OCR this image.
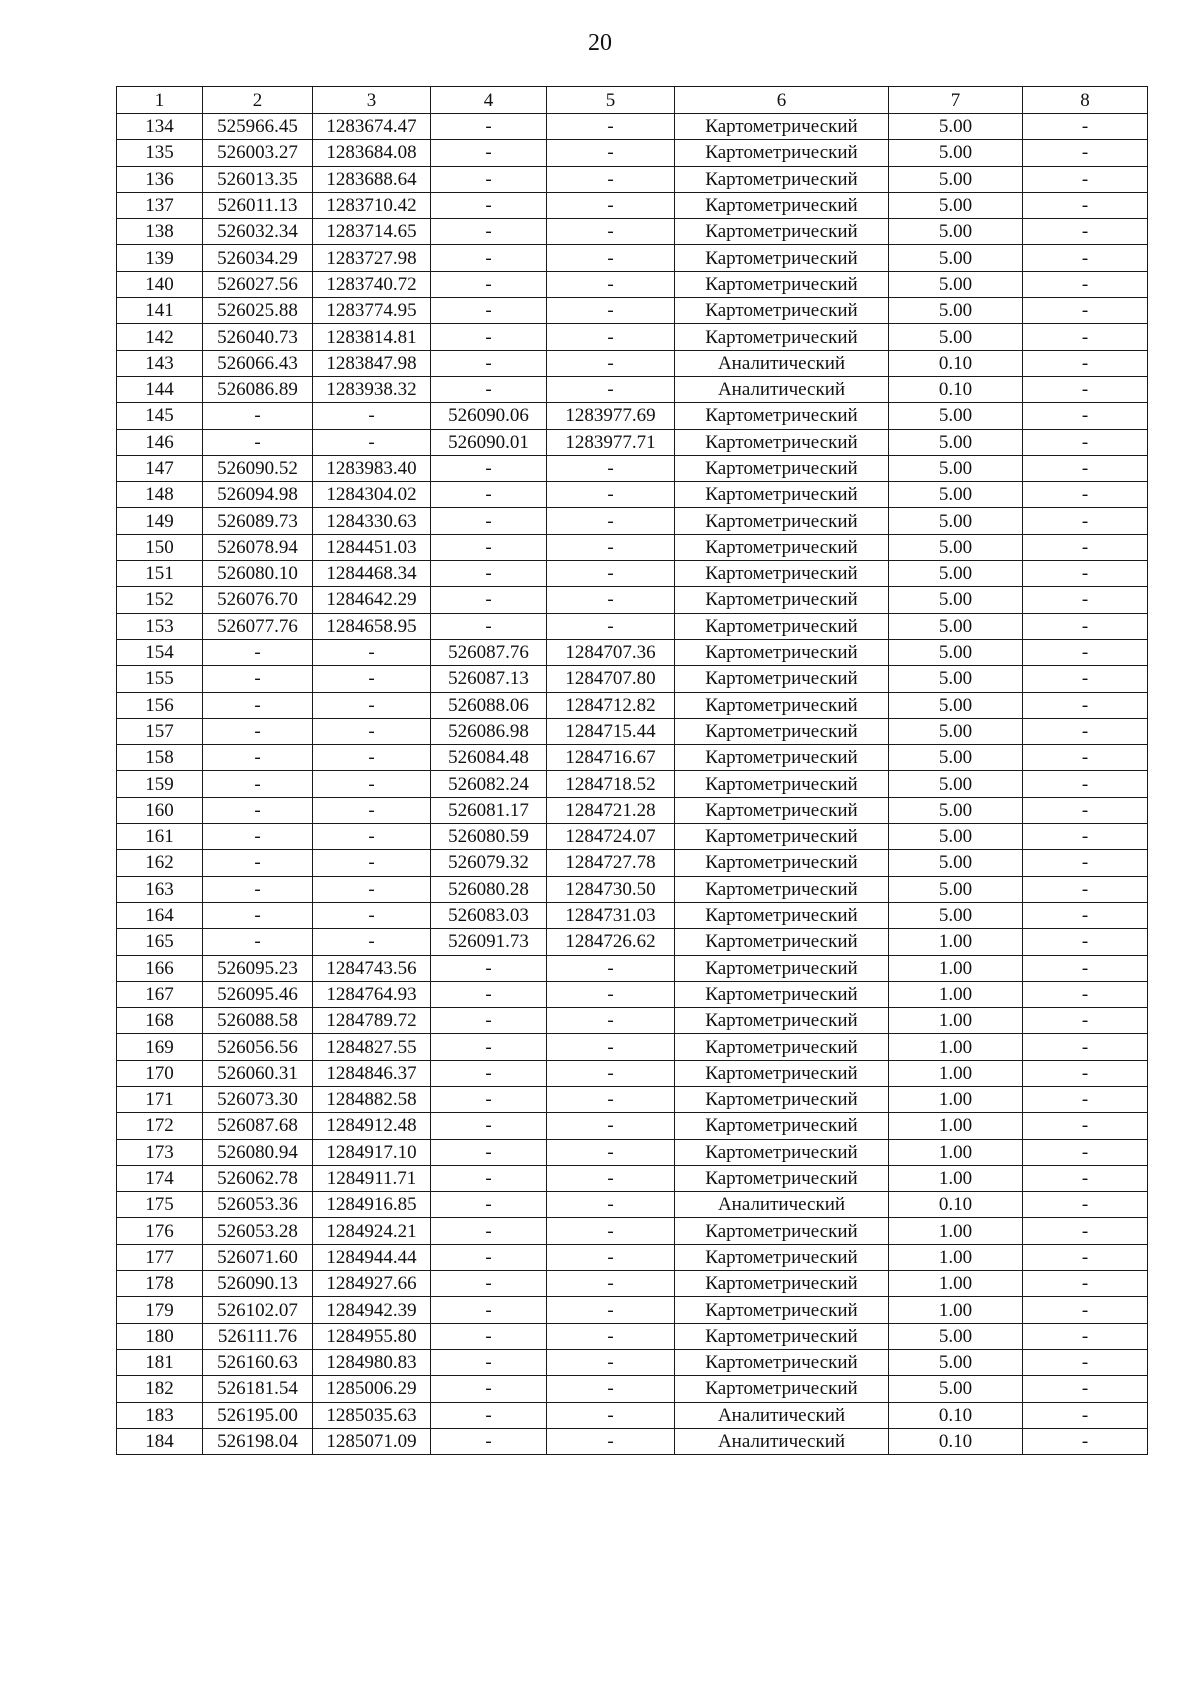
20
1	2	3	4	5	6	7	8
134	525966.45	1283674.47	-	-	Картометрический	5.00	-
135	526003.27	1283684.08	-	-	Картометрический	5.00	-
136	526013.35	1283688.64	-	-	Картометрический	5.00	-
137	526011.13	1283710.42	-	-	Картометрический	5.00	-
138	526032.34	1283714.65	-	-	Картометрический	5.00	-
139	526034.29	1283727.98	-	-	Картометрический	5.00	-
140	526027.56	1283740.72	-	-	Картометрический	5.00	-
141	526025.88	1283774.95	-	-	Картометрический	5.00	-
142	526040.73	1283814.81	-	-	Картометрический	5.00	-
143	526066.43	1283847.98	-	-	Аналитический	0.10	-
144	526086.89	1283938.32	-	-	Аналитический	0.10	-
145	-	-	526090.06	1283977.69	Картометрический	5.00	-
146	-	-	526090.01	1283977.71	Картометрический	5.00	-
147	526090.52	1283983.40	-	-	Картометрический	5.00	-
148	526094.98	1284304.02	-	-	Картометрический	5.00	-
149	526089.73	1284330.63	-	-	Картометрический	5.00	-
150	526078.94	1284451.03	-	-	Картометрический	5.00	-
151	526080.10	1284468.34	-	-	Картометрический	5.00	-
152	526076.70	1284642.29	-	-	Картометрический	5.00	-
153	526077.76	1284658.95	-	-	Картометрический	5.00	-
154	-	-	526087.76	1284707.36	Картометрический	5.00	-
155	-	-	526087.13	1284707.80	Картометрический	5.00	-
156	-	-	526088.06	1284712.82	Картометрический	5.00	-
157	-	-	526086.98	1284715.44	Картометрический	5.00	-
158	-	-	526084.48	1284716.67	Картометрический	5.00	-
159	-	-	526082.24	1284718.52	Картометрический	5.00	-
160	-	-	526081.17	1284721.28	Картометрический	5.00	-
161	-	-	526080.59	1284724.07	Картометрический	5.00	-
162	-	-	526079.32	1284727.78	Картометрический	5.00	-
163	-	-	526080.28	1284730.50	Картометрический	5.00	-
164	-	-	526083.03	1284731.03	Картометрический	5.00	-
165	-	-	526091.73	1284726.62	Картометрический	1.00	-
166	526095.23	1284743.56	-	-	Картометрический	1.00	-
167	526095.46	1284764.93	-	-	Картометрический	1.00	-
168	526088.58	1284789.72	-	-	Картометрический	1.00	-
169	526056.56	1284827.55	-	-	Картометрический	1.00	-
170	526060.31	1284846.37	-	-	Картометрический	1.00	-
171	526073.30	1284882.58	-	-	Картометрический	1.00	-
172	526087.68	1284912.48	-	-	Картометрический	1.00	-
173	526080.94	1284917.10	-	-	Картометрический	1.00	-
174	526062.78	1284911.71	-	-	Картометрический	1.00	-
175	526053.36	1284916.85	-	-	Аналитический	0.10	-
176	526053.28	1284924.21	-	-	Картометрический	1.00	-
177	526071.60	1284944.44	-	-	Картометрический	1.00	-
178	526090.13	1284927.66	-	-	Картометрический	1.00	-
179	526102.07	1284942.39	-	-	Картометрический	1.00	-
180	526111.76	1284955.80	-	-	Картометрический	5.00	-
181	526160.63	1284980.83	-	-	Картометрический	5.00	-
182	526181.54	1285006.29	-	-	Картометрический	5.00	-
183	526195.00	1285035.63	-	-	Аналитический	0.10	-
184	526198.04	1285071.09	-	-	Аналитический	0.10	-
